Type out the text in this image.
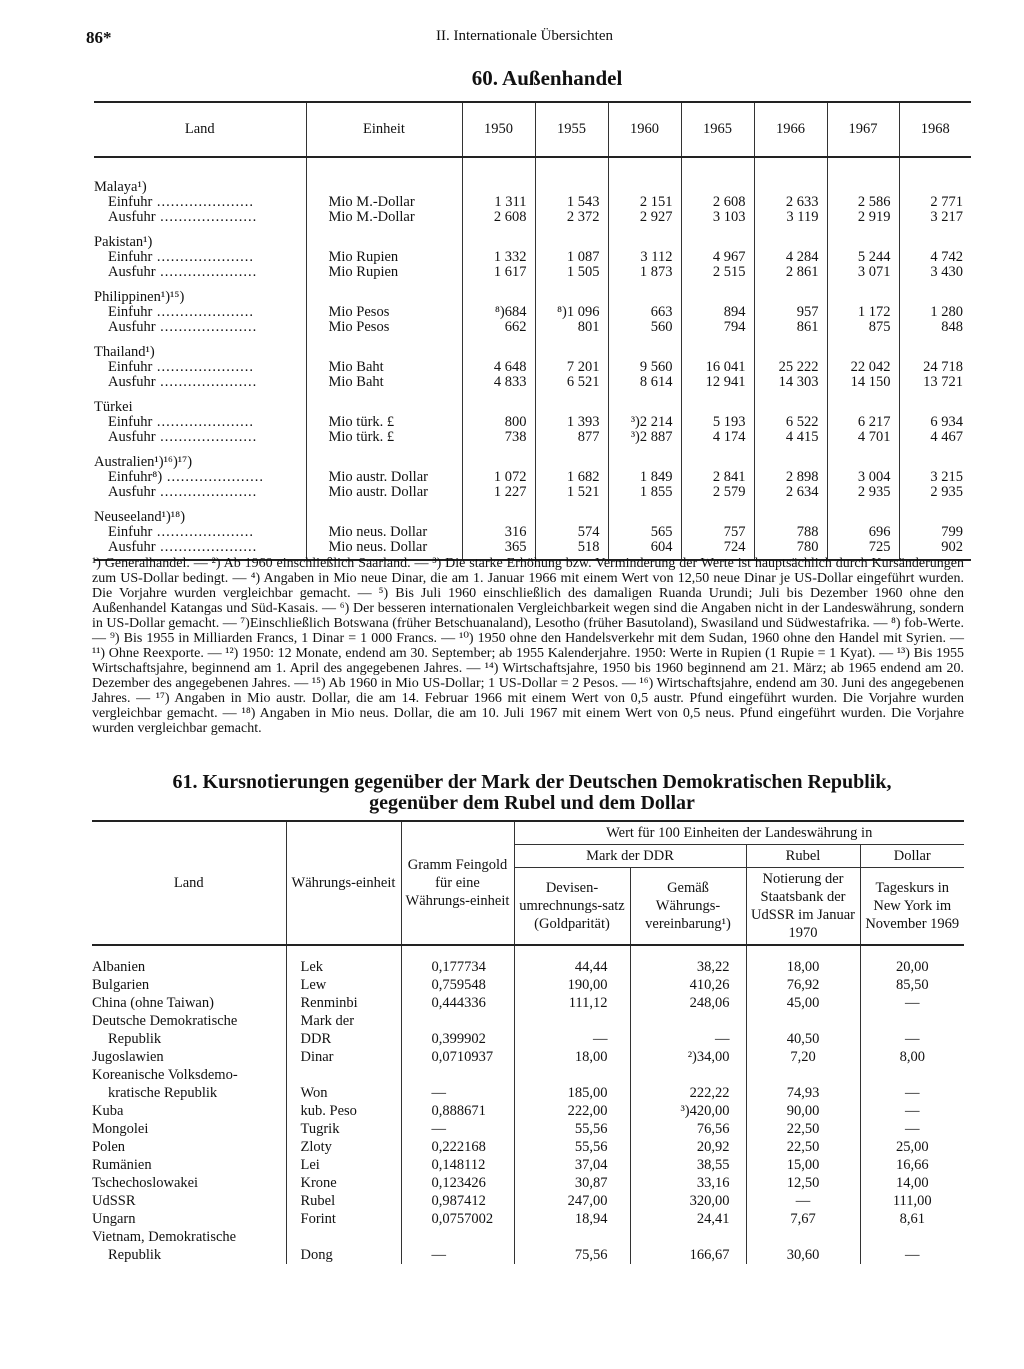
86*	II. Internationale Übersichten
60. Außenhandel
Land	Einheit	1950	1955	1960	1965	1966	1967	1968
Malaya¹)								
Einfuhr .....	Mio M.-Dollar	1 311	1 543	2 151	2 608	2 633	2 586	2 771
Ausfuhr .....	Mio M.-Dollar	2 608	2 372	2 927	3 103	3 119	2 919	3 217
Pakistan¹)								
Einfuhr .....	Mio Rupien	1 332	1 087	3 112	4 967	4 284	5 244	4 742
Ausfuhr .....	Mio Rupien	1 617	1 505	1 873	2 515	2 861	3 071	3 430
Philippinen¹)¹⁵)								
Einfuhr .....	Mio Pesos	⁸)684	⁸)1 096	663	894	957	1 172	1 280
Ausfuhr .....	Mio Pesos	662	801	560	794	861	875	848
Thailand¹)								
Einfuhr .....	Mio Baht	4 648	7 201	9 560	16 041	25 222	22 042	24 718
Ausfuhr .....	Mio Baht	4 833	6 521	8 614	12 941	14 303	14 150	13 721
Türkei								
Einfuhr .....	Mio türk. £	800	1 393	³)2 214	5 193	6 522	6 217	6 934
Ausfuhr .....	Mio türk. £	738	877	³)2 887	4 174	4 415	4 701	4 467
Australien¹)¹⁶)¹⁷)								
Einfuhr⁸) .....	Mio austr. Dollar	1 072	1 682	1 849	2 841	2 898	3 004	3 215
Ausfuhr .....	Mio austr. Dollar	1 227	1 521	1 855	2 579	2 634	2 935	2 935
Neuseeland¹)¹⁸)								
Einfuhr .....	Mio neus. Dollar	316	574	565	757	788	696	799
Ausfuhr .....	Mio neus. Dollar	365	518	604	724	780	725	902
¹) Generalhandel. — ²) Ab 1960 einschließlich Saarland. — ³) Die starke Erhöhung bzw. Verminderung der Werte ist hauptsächlich durch Kursänderungen zum US-Dollar bedingt. — ⁴) Angaben in Mio neue Dinar, die am 1. Januar 1966 mit einem Wert von 12,50 neue Dinar je US-Dollar eingeführt wurden. Die Vorjahre wurden vergleichbar gemacht. — ⁵) Bis Juli 1960 einschließlich des damaligen Ruanda Urundi; Juli bis Dezember 1960 ohne den Außenhandel Katangas und Süd-Kasais. — ⁶) Der besseren internationalen Vergleichbarkeit wegen sind die Angaben nicht in der Landeswährung, sondern in US-Dollar gemacht. — ⁷)Einschließlich Botswana (früher Betschuanaland), Lesotho (früher Basutoland), Swasiland und Südwestafrika. — ⁸) fob-Werte. — ⁹) Bis 1955 in Milliarden Francs, 1 Dinar = 1 000 Francs. — ¹⁰) 1950 ohne den Handelsverkehr mit dem Sudan, 1960 ohne den Handel mit Syrien. — ¹¹) Ohne Reexporte. — ¹²) 1950: 12 Monate, endend am 30. September; ab 1955 Kalenderjahre. 1950: Werte in Rupien (1 Rupie = 1 Kyat). — ¹³) Bis 1955 Wirtschaftsjahre, beginnend am 1. April des angegebenen Jahres. — ¹⁴) Wirtschaftsjahre, 1950 bis 1960 beginnend am 21. März; ab 1965 endend am 20. Dezember des angegebenen Jahres. — ¹⁵) Ab 1960 in Mio US-Dollar; 1 US-Dollar = 2 Pesos. — ¹⁶) Wirtschaftsjahre, endend am 30. Juni des angegebenen Jahres. — ¹⁷) Angaben in Mio austr. Dollar, die am 14. Februar 1966 mit einem Wert von 0,5 austr. Pfund eingeführt wurden. Die Vorjahre wurden vergleichbar gemacht. — ¹⁸) Angaben in Mio neus. Dollar, die am 10. Juli 1967 mit einem Wert von 0,5 neus. Pfund eingeführt wurden. Die Vorjahre wurden vergleichbar gemacht.
61. Kursnotierungen gegenüber der Mark der Deutschen Demokratischen Republik,
gegenüber dem Rubel und dem Dollar
Land	Währungs-einheit	Gramm Feingold für eine Währungs-einheit	Wert für 100 Einheiten der Landeswährung in			
			Mark der DDR		Rubel	Dollar
			Devisen-umrechnungs-satz (Goldparität)	Gemäß Währungs-vereinbarung¹)	Notierung der Staatsbank der UdSSR im Januar 1970	Tageskurs in New York im November 1969
Albanien	Lek	0,177734	44,44	38,22	18,00	20,00
Bulgarien	Lew	0,759548	190,00	410,26	76,92	85,50
China (ohne Taiwan)	Renminbi	0,444336	111,12	248,06	45,00	—
Deutsche Demokratische	Mark der					
Republik	DDR	0,399902	—	—	40,50	—
Jugoslawien	Dinar	0,0710937	18,00	²)34,00	7,20	8,00
Koreanische Volksdemo-						
kratische Republik	Won	—	185,00	222,22	74,93	—
Kuba	kub. Peso	0,888671	222,00	³)420,00	90,00	—
Mongolei	Tugrik	—	55,56	76,56	22,50	—
Polen	Zloty	0,222168	55,56	20,92	22,50	25,00
Rumänien	Lei	0,148112	37,04	38,55	15,00	16,66
Tschechoslowakei	Krone	0,123426	30,87	33,16	12,50	14,00
UdSSR	Rubel	0,987412	247,00	320,00	—	111,00
Ungarn	Forint	0,0757002	18,94	24,41	7,67	8,61
Vietnam, Demokratische						
Republik	Dong	—	75,56	166,67	30,60	—
